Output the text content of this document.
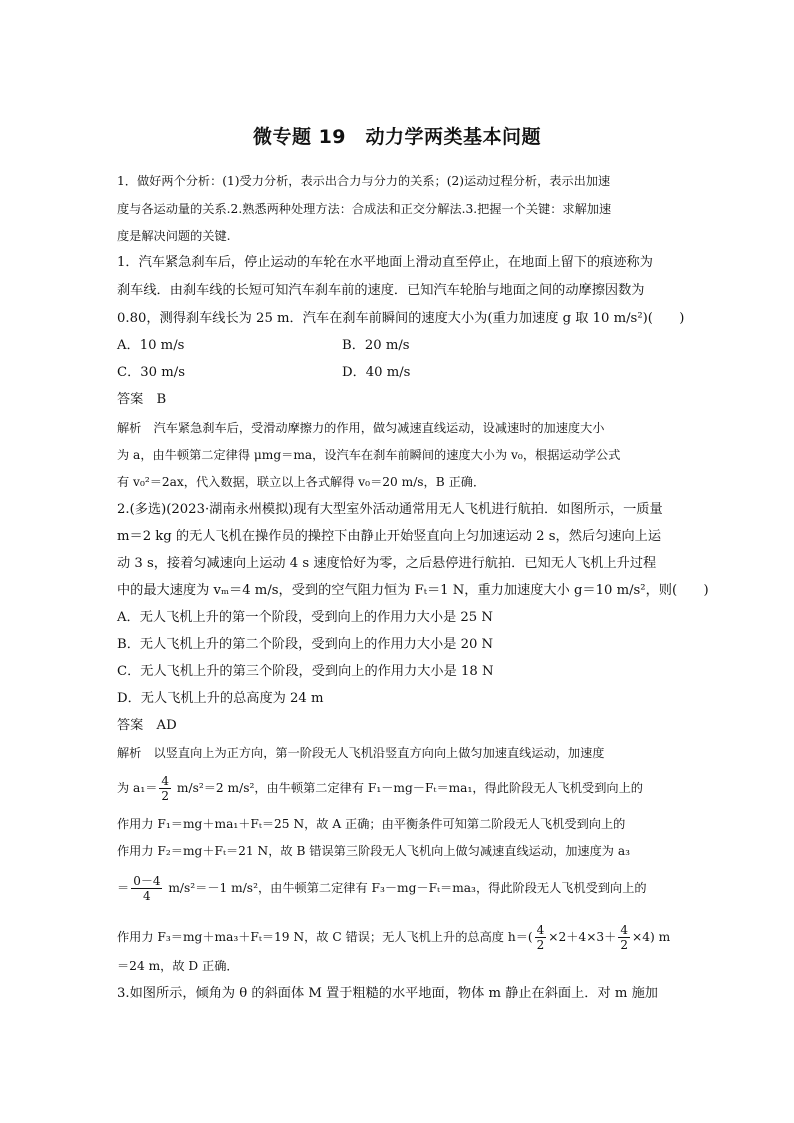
微专题 19　动力学两类基本问题
1．做好两个分析：(1)受力分析，表示出合力与分力的关系；(2)运动过程分析，表示出加速
度与各运动量的关系.2.熟悉两种处理方法：合成法和正交分解法.3.把握一个关键：求解加速
度是解决问题的关键.
1．汽车紧急刹车后，停止运动的车轮在水平地面上滑动直至停止，在地面上留下的痕迹称为
刹车线．由刹车线的长短可知汽车刹车前的速度．已知汽车轮胎与地面之间的动摩擦因数为
0.80，测得刹车线长为 25 m．汽车在刹车前瞬间的速度大小为(重力加速度 g 取 10 m/s²)(　　)
A．10 m/s	B．20 m/s
C．30 m/s	D．40 m/s
答案　B
解析　汽车紧急刹车后，受滑动摩擦力的作用，做匀减速直线运动，设减速时的加速度大小
为 a，由牛顿第二定律得 μmg＝ma，设汽车在刹车前瞬间的速度大小为 v₀，根据运动学公式
有 v₀²＝2ax，代入数据，联立以上各式解得 v₀＝20 m/s，B 正确．
2.(多选)(2023·湖南永州模拟)现有大型室外活动通常用无人飞机进行航拍．如图所示，一质量
m＝2 kg 的无人飞机在操作员的操控下由静止开始竖直向上匀加速运动 2 s，然后匀速向上运
动 3 s，接着匀减速向上运动 4 s 速度恰好为零，之后悬停进行航拍．已知无人飞机上升过程
中的最大速度为 vₘ＝4 m/s，受到的空气阻力恒为 Fₜ＝1 N，重力加速度大小 g＝10 m/s²，则(　　)
A．无人飞机上升的第一个阶段，受到向上的作用力大小是 25 N
B．无人飞机上升的第二个阶段，受到向上的作用力大小是 20 N
C．无人飞机上升的第三个阶段，受到向上的作用力大小是 18 N
D．无人飞机上升的总高度为 24 m
答案　AD
解析　以竖直向上为正方向，第一阶段无人飞机沿竖直方向向上做匀加速直线运动，加速度
为 $a_1= \frac{4}{2} m/s^2=2$ m/s²，由牛顿第二定律有 F₁－mg－Fₜ＝ma₁，得此阶段无人飞机受到向上的
作用力 F₁＝mg＋ma₁＋Fₜ＝25 N，故 A 正确；由平衡条件可知第二阶段无人飞机受到向上的
作用力 F₂＝mg＋Fₜ＝21 N，故 B 错误第三阶段无人飞机向上做匀减速直线运动，加速度为 a₃
＝ $\frac{0-4}{4} m/s^2=-1$ m/s²，由牛顿第二定律有 F₃－mg－Fₜ＝ma₃，得此阶段无人飞机受到向上的
作用力 F₃＝mg＋ma₃＋Fₜ＝19 N，故 C 错误；无人飞机上升的总高度 $h=( \frac{4}{2} \times 2+4\times 3+ \frac{4}{2} \times 4)$ m
＝24 m，故 D 正确．
3.如图所示，倾角为 θ 的斜面体 M 置于粗糙的水平地面，物体 m 静止在斜面上．对 m 施加
